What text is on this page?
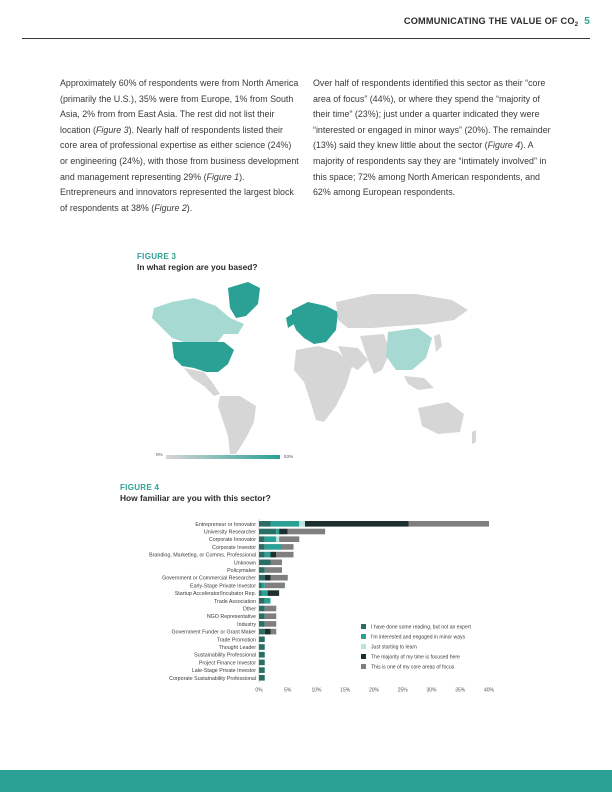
COMMUNICATING THE VALUE OF $CO_2$ 5
Approximately 60% of respondents were from North America (primarily the U.S.), 35% were from Europe, 1% from South Asia, 2% from from East Asia. The rest did not list their location (Figure 3). Nearly half of respondents listed their core area of professional expertise as either science (24%) or engineering (24%), with those from business development and management representing 29% (Figure 1). Entrepreneurs and innovators represented the largest block of respondents at 38% (Figure 2).
Over half of respondents identified this sector as their “core area of focus” (44%), or where they spend the “majority of their time” (23%); just under a quarter indicated they were “interested or engaged in minor ways” (20%). The remainder (13%) said they knew little about the sector (Figure 4). A majority of respondents say they are “intimately involved” in this space; 72% among North American respondents, and 62% among European respondents.
FIGURE 3
In what region are you based?
0%	53%
FIGURE 4
How familiar are you with this sector?
0%	5%	10%	15%	20%	25%	30%	35%	40%
Entrepreneur or Innovator
University Researcher
Corporate Innovator
Corporate Investor
Branding, Marketing, or Comms. Professional
Unknown
Policymaker
Government or Commercial Researcher
Early-Stage Private Investor
Startup Accelerator/Incubator Rep.
Trade Association
Other
NGO Representative
Industry
Government Funder or Grant Maker
Trade Promotion
Thought Leader
Sustainability Professional
Project Finance Investor
Late-Stage Private Investor
Corporate Sustainability Professional
I have done some reading, but not an expert
I'm interested and engaged in minor ways
Just starting to learn
The majority of my time is focused here
This is one of my core areas of focus
